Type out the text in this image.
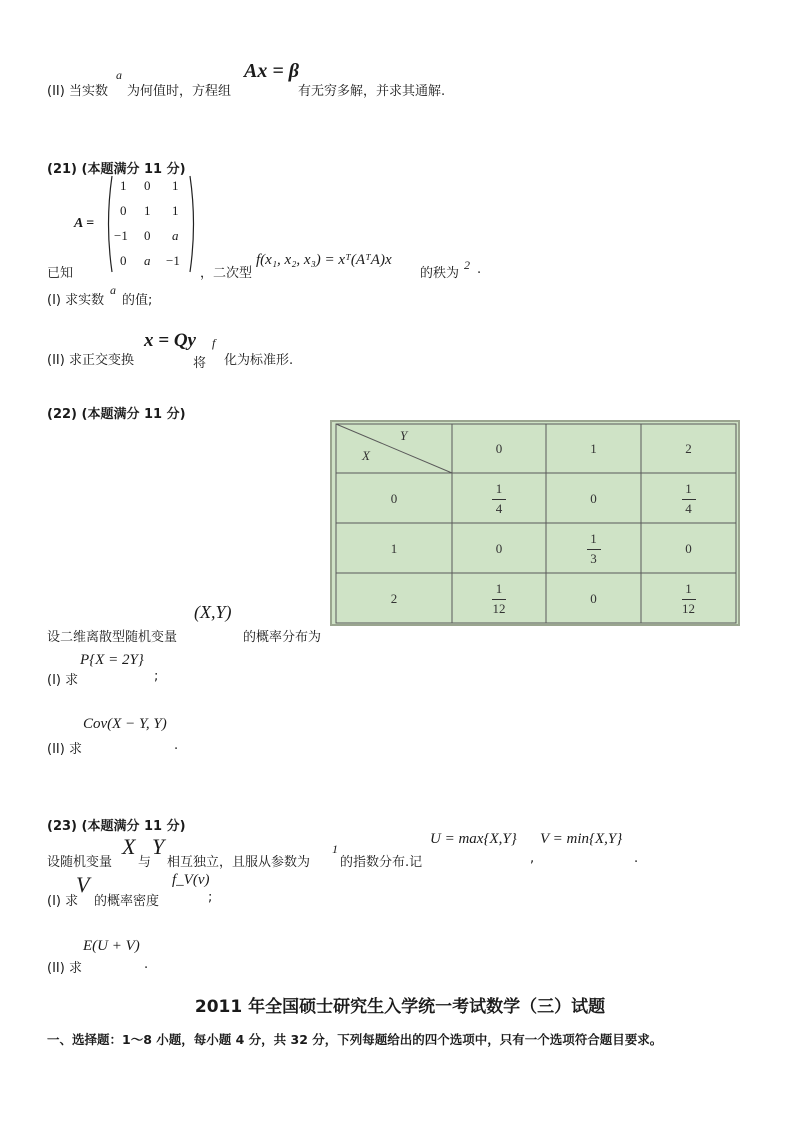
(II) 当实数
a
为何值时，方程组
Ax = β
有无穷多解，并求其通解.
(21) (本题满分 11 分)
A =
1 0 1
0 1 1
−1 0 a
0 a −1
已知	，二次型
f(x₁, x₂, x₃) = xᵀ(AᵀA)x
的秩为
2 .
(I) 求实数
a
的值;
(II) 求正交变换
x = Qy
将
f
化为标准形.
(22) (本题满分 11 分)
Y
X	0	1	2
0	$\frac{1}{4}$	0	$\frac{1}{4}$
1	0	$\frac{1}{3}$	0
2	$\frac{1}{12}$	0	$\frac{1}{12}$
设二维离散型随机变量
(X,Y)
的概率分布为
(I) 求
P{X = 2Y}
;
(II) 求
Cov(X − Y, Y)
.
(23) (本题满分 11 分)
设随机变量
X
与
Y
相互独立，且服从参数为
1
的指数分布.记
U = max{X,Y}
,
V = min{X,Y}
.
(I) 求
V
的概率密度
f_V(v)
;
(II) 求
E(U + V)
.
2011 年全国硕士研究生入学统一考试数学（三）试题
一、选择题：1～8 小题，每小题 4 分，共 32 分，下列每题给出的四个选项中，只有一个选项符合题目要求。
